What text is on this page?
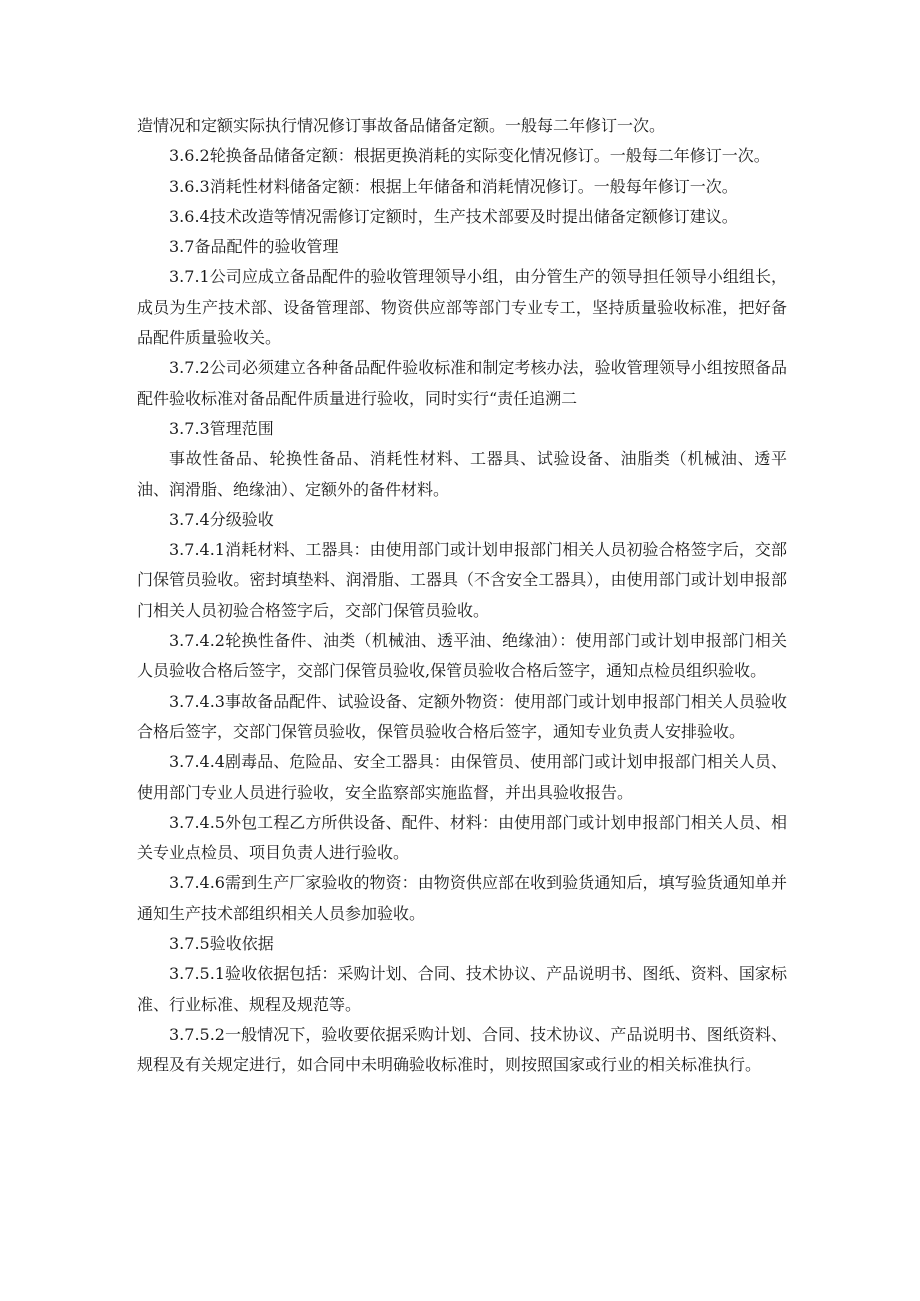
造情况和定额实际执行情况修订事故备品储备定额。一般每二年修订一次。

3.6.2轮换备品储备定额：根据更换消耗的实际变化情况修订。一般每二年修订一次。

3.6.3消耗性材料储备定额：根据上年储备和消耗情况修订。一般每年修订一次。

3.6.4技术改造等情况需修订定额时，生产技术部要及时提出储备定额修订建议。

3.7备品配件的验收管理

3.7.1公司应成立备品配件的验收管理领导小组，由分管生产的领导担任领导小组组长，成员为生产技术部、设备管理部、物资供应部等部门专业专工，坚持质量验收标准，把好备品配件质量验收关。

3.7.2公司必须建立各种备品配件验收标准和制定考核办法，验收管理领导小组按照备品配件验收标准对备品配件质量进行验收，同时实行“责任追溯二

3.7.3管理范围

事故性备品、轮换性备品、消耗性材料、工器具、试验设备、油脂类（机械油、透平油、润滑脂、绝缘油）、定额外的备件材料。

3.7.4分级验收

3.7.4.1消耗材料、工器具：由使用部门或计划申报部门相关人员初验合格签字后，交部门保管员验收。密封填垫料、润滑脂、工器具（不含安全工器具），由使用部门或计划申报部门相关人员初验合格签字后，交部门保管员验收。

3.7.4.2轮换性备件、油类（机械油、透平油、绝缘油）：使用部门或计划申报部门相关人员验收合格后签字，交部门保管员验收,保管员验收合格后签字，通知点检员组织验收。

3.7.4.3事故备品配件、试验设备、定额外物资：使用部门或计划申报部门相关人员验收合格后签字，交部门保管员验收，保管员验收合格后签字，通知专业负责人安排验收。

3.7.4.4剧毒品、危险品、安全工器具：由保管员、使用部门或计划申报部门相关人员、使用部门专业人员进行验收，安全监察部实施监督，并出具验收报告。

3.7.4.5外包工程乙方所供设备、配件、材料：由使用部门或计划申报部门相关人员、相关专业点检员、项目负责人进行验收。

3.7.4.6需到生产厂家验收的物资：由物资供应部在收到验货通知后，填写验货通知单并通知生产技术部组织相关人员参加验收。

3.7.5验收依据

3.7.5.1验收依据包括：采购计划、合同、技术协议、产品说明书、图纸、资料、国家标准、行业标准、规程及规范等。

3.7.5.2一般情况下，验收要依据采购计划、合同、技术协议、产品说明书、图纸资料、规程及有关规定进行，如合同中未明确验收标准时，则按照国家或行业的相关标准执行。
